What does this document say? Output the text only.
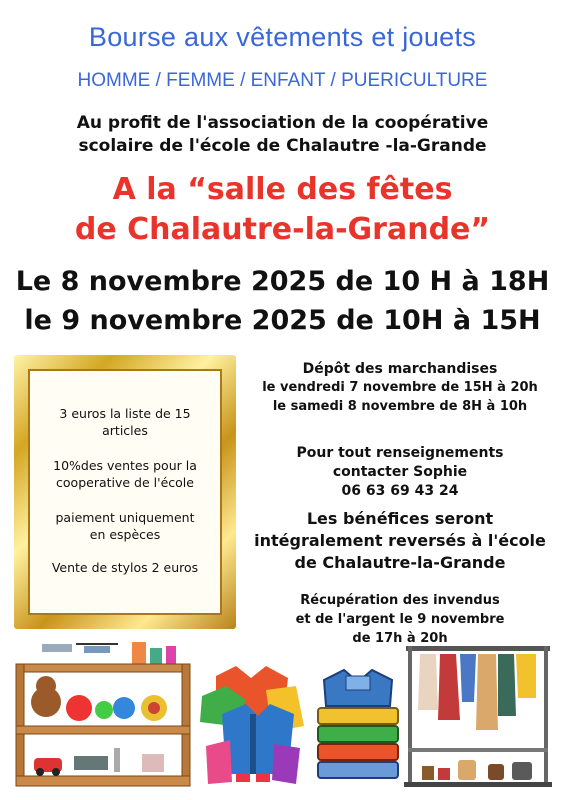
Bourse aux vêtements et jouets
HOMME / FEMME / ENFANT / PUERICULTURE
Au profit de l'association de la coopérative
scolaire de l'école de Chalautre -la-Grande
A la “salle des fêtes
de Chalautre-la-Grande”
Le 8 novembre 2025 de 10 H à 18H
le 9 novembre 2025 de 10H à 15H
3 euros la liste de 15
articles
10%des ventes pour la
cooperative de l'école
paiement uniquement
en espèces
Vente de stylos 2 euros
Dépôt des marchandises
le vendredi 7 novembre de 15H à 20h
le samedi 8 novembre de 8H à 10h
Pour tout renseignements
contacter Sophie
06 63 69 43 24
Les bénéfices seront
intégralement reversés à l'école
de Chalautre-la-Grande
Récupération des invendus
et de l'argent le 9 novembre
de 17h à 20h
